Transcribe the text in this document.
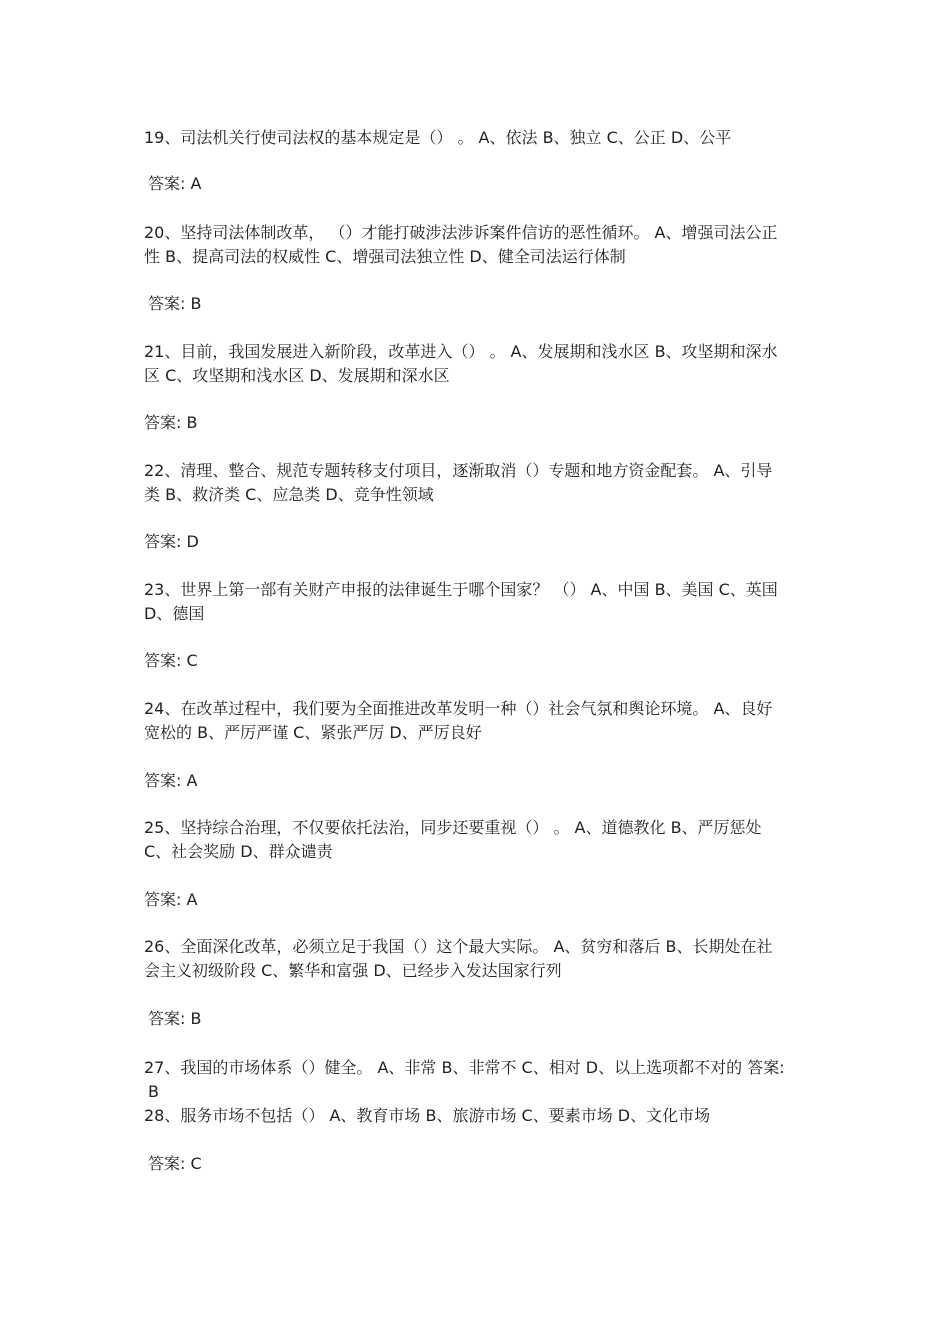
19、司法机关行使司法权的基本规定是（） 。 A、依法 B、独立 C、公正 D、公平
答案: A
20、坚持司法体制改革， （）才能打破涉法涉诉案件信访的恶性循环。 A、增强司法公正
性 B、提高司法的权威性 C、增强司法独立性 D、健全司法运行体制
答案: B
21、目前，我国发展进入新阶段，改革进入（） 。 A、发展期和浅水区 B、攻坚期和深水
区 C、攻坚期和浅水区 D、发展期和深水区
答案: B
22、清理、整合、规范专题转移支付项目，逐渐取消（）专题和地方资金配套。 A、引导
类 B、救济类 C、应急类 D、竞争性领域
答案: D
23、世界上第一部有关财产申报的法律诞生于哪个国家？ （） A、中国 B、美国 C、英国
D、德国
答案: C
24、在改革过程中，我们要为全面推进改革发明一种（）社会气氛和舆论环境。 A、良好
宽松的 B、严厉严谨 C、紧张严厉 D、严厉良好
答案: A
25、坚持综合治理，不仅要依托法治，同步还要重视（） 。 A、道德教化 B、严厉惩处
C、社会奖励 D、群众谴责
答案: A
26、全面深化改革，必须立足于我国（）这个最大实际。 A、贫穷和落后 B、长期处在社
会主义初级阶段 C、繁华和富强 D、已经步入发达国家行列
答案: B
27、我国的市场体系（）健全。 A、非常 B、非常不 C、相对 D、以上选项都不对的 答案:
B
28、服务市场不包括（） A、教育市场 B、旅游市场 C、要素市场 D、文化市场
答案: C
